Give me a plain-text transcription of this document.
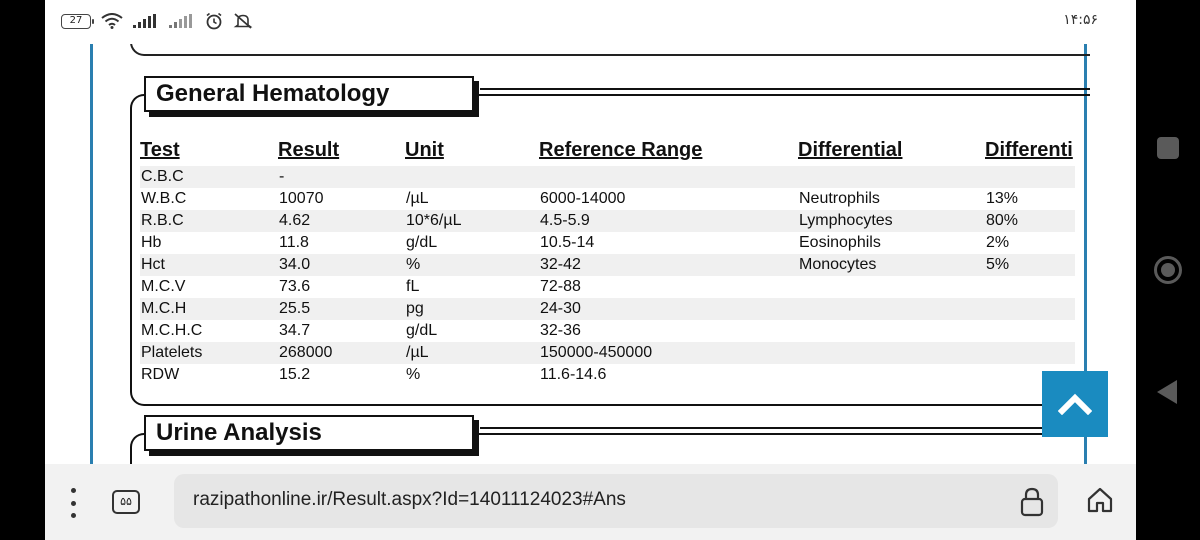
27	۱۴:۵۶
General Hematology
Test	Result	Unit	Reference Range	Differential	Differenti
C.B.C	-				
W.B.C	10070	/µL	6000-14000	Neutrophils	13%
R.B.C	4.62	10*6/µL	4.5-5.9	Lymphocytes	80%
Hb	11.8	g/dL	10.5-14	Eosinophils	2%
Hct	34.0	%	32-42	Monocytes	5%
M.C.V	73.6	fL	72-88		
M.C.H	25.5	pg	24-30		
M.C.H.C	34.7	g/dL	32-36		
Platelets	268000	/µL	150000-450000		
RDW	15.2	%	11.6-14.6		
Urine Analysis
۵۵	razipathonline.ir/Result.aspx?Id=14011124023#Ans
